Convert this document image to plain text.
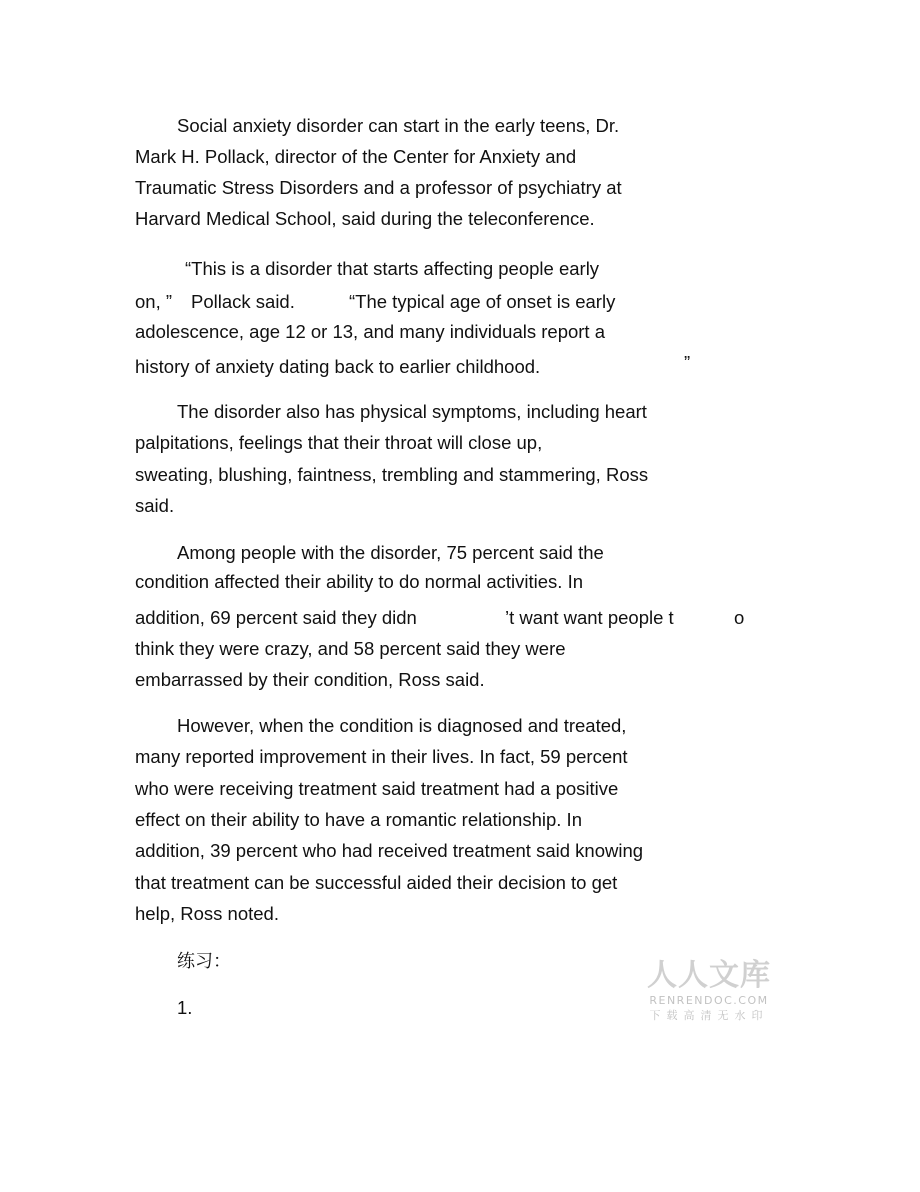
Social anxiety disorder can start in the early teens, Dr.
Mark H. Pollack, director of the Center for Anxiety and
Traumatic Stress Disorders and a professor of psychiatry at
Harvard Medical School, said during the teleconference.
“This is a disorder that starts affecting people early
on, ” Pollack said.	“The typical age of onset is early
adolescence, age 12 or 13, and many individuals report a
history of anxiety dating back to earlier childhood.	”
The disorder also has physical symptoms, including heart
palpitations, feelings that their throat will close up,
sweating, blushing, faintness, trembling and stammering, Ross
said.
Among people with the disorder, 75 percent said the
condition affected their ability to do normal activities. In
addition, 69 percent said they didn	’t want want people t	o
think they were crazy, and 58 percent said they were
embarrassed by their condition, Ross said.
However, when the condition is diagnosed and treated,
many reported improvement in their lives. In fact, 59 percent
who were receiving treatment said treatment had a positive
effect on their ability to have a romantic relationship. In
addition, 39 percent who had received treatment said knowing
that treatment can be successful aided their decision to get
help, Ross noted.
练习：
1.
人人文库
RENRENDOC.COM
下载高清无水印
